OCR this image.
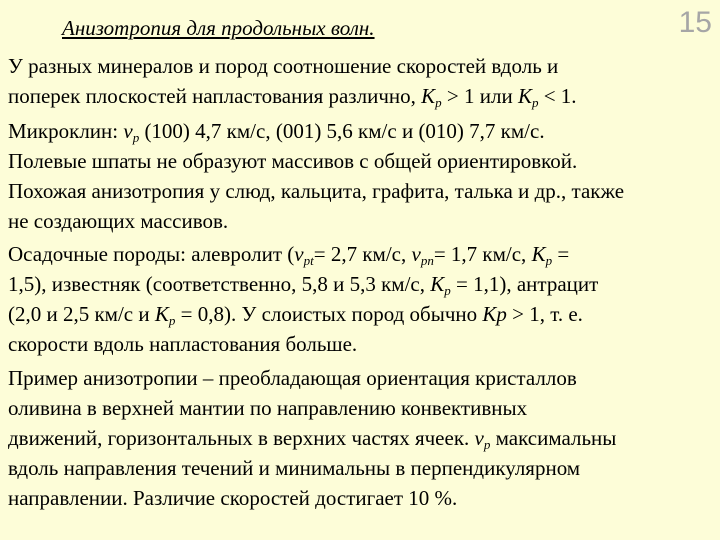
Анизотропия для продольных волн.	15
У разных минералов и пород соотношение скоростей вдоль и
поперек плоскостей напластования различно, $K_p > 1$ или $K_p < 1$.
Микроклин: $v_p$ (100) 4,7 км/с, (001) 5,6 км/с и (010) 7,7 км/с.
Полевые шпаты не образуют массивов с общей ориентировкой.
Похожая анизотропия у слюд, кальцита, графита, талька и др., также
не создающих массивов.
Осадочные породы: алевролит ($v_{pt}= 2,7$ км/с, $v_{pn}= 1,7$ км/с, $K_p$ =
1,5), известняк (соответственно, 5,8 и 5,3 км/с, $K_p = 1,1$), антрацит
(2,0 и 2,5 км/с и $K_p = 0,8$). У слоистых пород обычно Kp > 1, т. е.
скорости вдоль напластования больше.
Пример анизотропии – преобладающая ориентация кристаллов
оливина в верхней мантии по направлению конвективных
движений, горизонтальных в верхних частях ячеек. $v_p$ максимальны
вдоль направления течений и минимальны в перпендикулярном
направлении. Различие скоростей достигает 10 %.
